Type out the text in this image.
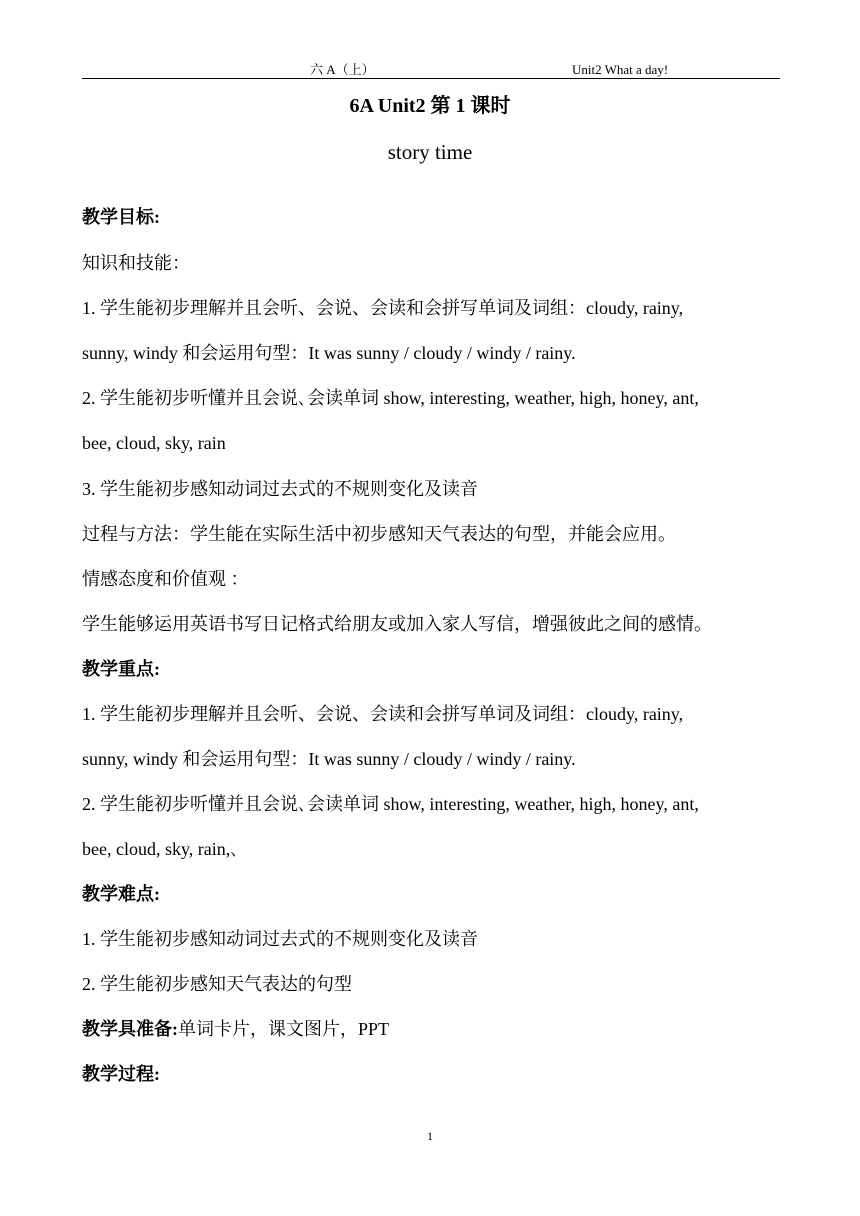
六 A（上）	Unit2 What a day!
6A Unit2 第 1 课时
story time
教学目标:
知识和技能：
1. 学生能初步理解并且会听、会说、会读和会拼写单词及词组：cloudy, rainy,
sunny, windy 和会运用句型：It was sunny / cloudy / windy / rainy.
2. 学生能初步听懂并且会说､会读单词 show, interesting, weather, high, honey, ant,
bee, cloud, sky, rain
3. 学生能初步感知动词过去式的不规则变化及读音
过程与方法：学生能在实际生活中初步感知天气表达的句型，并能会应用。
情感态度和价值观 ：
学生能够运用英语书写日记格式给朋友或加入家人写信，增强彼此之间的感情。
教学重点:
1. 学生能初步理解并且会听、会说、会读和会拼写单词及词组：cloudy, rainy,
sunny, windy 和会运用句型：It was sunny / cloudy / windy / rainy.
2. 学生能初步听懂并且会说､会读单词 show, interesting, weather, high, honey, ant,
bee, cloud, sky, rain,､
教学难点:
1. 学生能初步感知动词过去式的不规则变化及读音
2. 学生能初步感知天气表达的句型
教学具准备:单词卡片，课文图片，PPT
教学过程:
1
